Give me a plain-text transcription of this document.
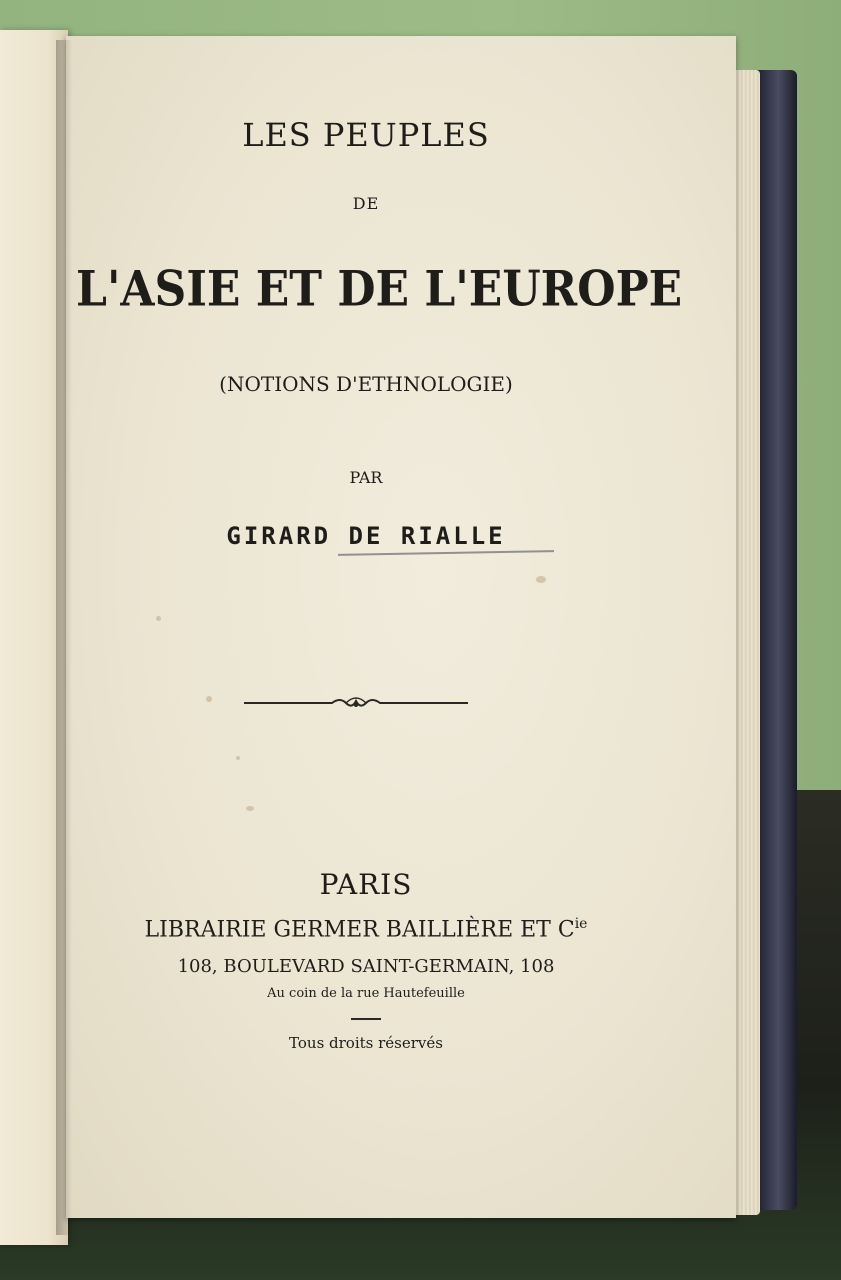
LES PEUPLES
DE
L'ASIE ET DE L'EUROPE
(NOTIONS D'ETHNOLOGIE)
PAR
GIRARD DE RIALLE
PARIS
LIBRAIRIE GERMER BAILLIÈRE ET $C^{ie}$
108, BOULEVARD SAINT-GERMAIN, 108
Au coin de la rue Hautefeuille
Tous droits réservés
